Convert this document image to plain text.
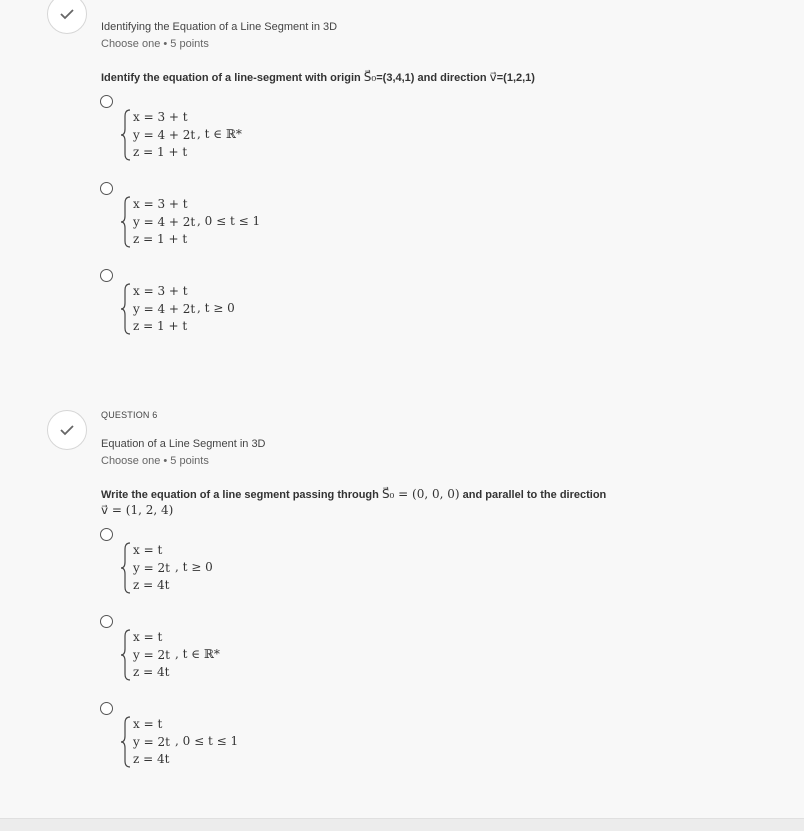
Identifying the Equation of a Line Segment in 3D
Choose one • 5 points
Identify the equation of a line-segment with origin S⃗₀=(3,4,1) and direction v⃗=(1,2,1)
x = 3 + t
y = 4 + 2t
z = 1 + t
, t ∈ ℝ*
x = 3 + t
y = 4 + 2t
z = 1 + t
, 0 ≤ t ≤ 1
x = 3 + t
y = 4 + 2t
z = 1 + t
, t ≥ 0
QUESTION 6
Equation of a Line Segment in 3D
Choose one • 5 points
Write the equation of a line segment passing through S⃗₀ = (0, 0, 0) and parallel to the direction
v⃗ = (1, 2, 4)
x = t
y = 2t
z = 4t
, t ≥ 0
x = t
y = 2t
z = 4t
, t ∈ ℝ*
x = t
y = 2t
z = 4t
, 0 ≤ t ≤ 1
